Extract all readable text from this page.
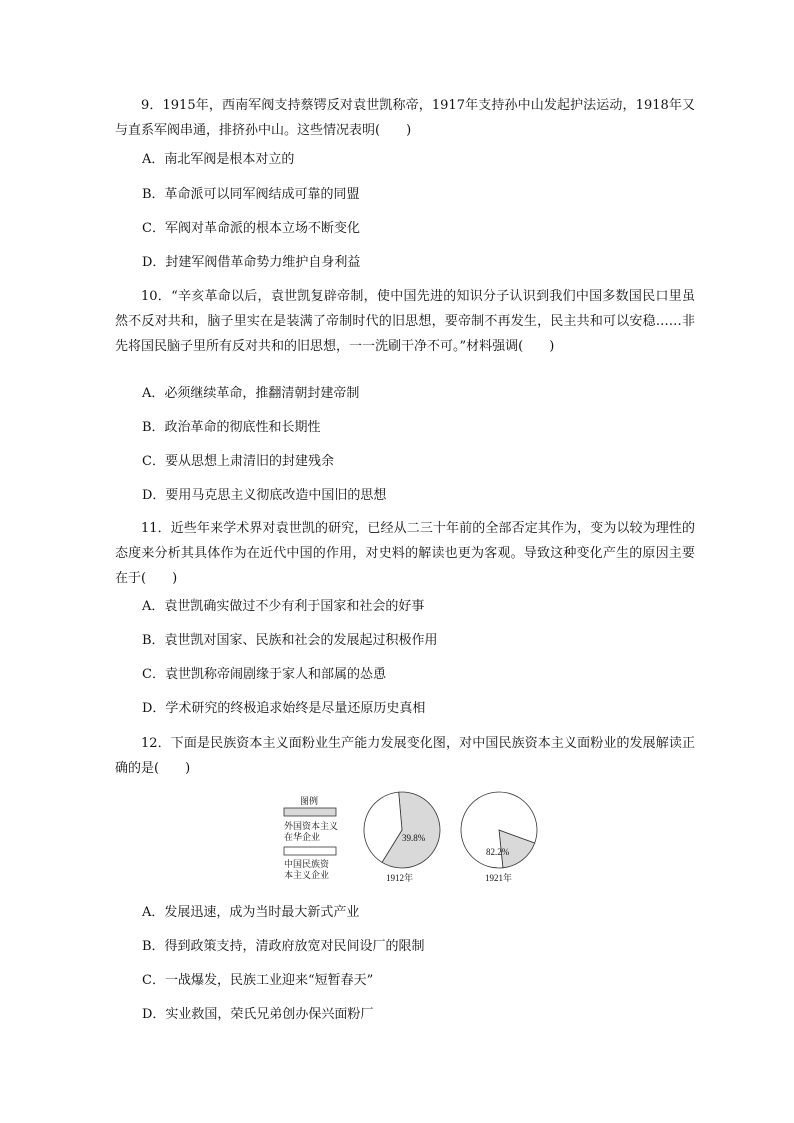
9．1915年，西南军阀支持蔡锷反对袁世凯称帝，1917年支持孙中山发起护法运动，1918年又与直系军阀串通，排挤孙中山。这些情况表明(　　)

A．南北军阀是根本对立的
B．革命派可以同军阀结成可靠的同盟
C．军阀对革命派的根本立场不断变化
D．封建军阀借革命势力维护自身利益

10．“辛亥革命以后，袁世凯复辟帝制，使中国先进的知识分子认识到我们中国多数国民口里虽然不反对共和，脑子里实在是装满了帝制时代的旧思想，要帝制不再发生，民主共和可以安稳……非先将国民脑子里所有反对共和的旧思想，一一洗刷干净不可。”材料强调(　　)

A．必须继续革命，推翻清朝封建帝制
B．政治革命的彻底性和长期性
C．要从思想上肃清旧的封建残余
D．要用马克思主义彻底改造中国旧的思想

11．近些年来学术界对袁世凯的研究，已经从二三十年前的全部否定其作为，变为以较为理性的态度来分析其具体作为在近代中国的作用，对史料的解读也更为客观。导致这种变化产生的原因主要在于(　　)

A．袁世凯确实做过不少有利于国家和社会的好事
B．袁世凯对国家、民族和社会的发展起过积极作用
C．袁世凯称帝闹剧缘于家人和部属的怂恿
D．学术研究的终极追求始终是尽量还原历史真相

12．下面是民族资本主义面粉业生产能力发展变化图，对中国民族资本主义面粉业的发展解读正确的是(　　)

图例
外国资本主义
在华企业
中国民族资
本主义企业
39.8%
1912年
82.2%
1921年
A．发展迅速，成为当时最大新式产业
B．得到政策支持，清政府放宽对民间设厂的限制
C．一战爆发，民族工业迎来“短暂春天”
D．实业救国，荣氏兄弟创办保兴面粉厂
